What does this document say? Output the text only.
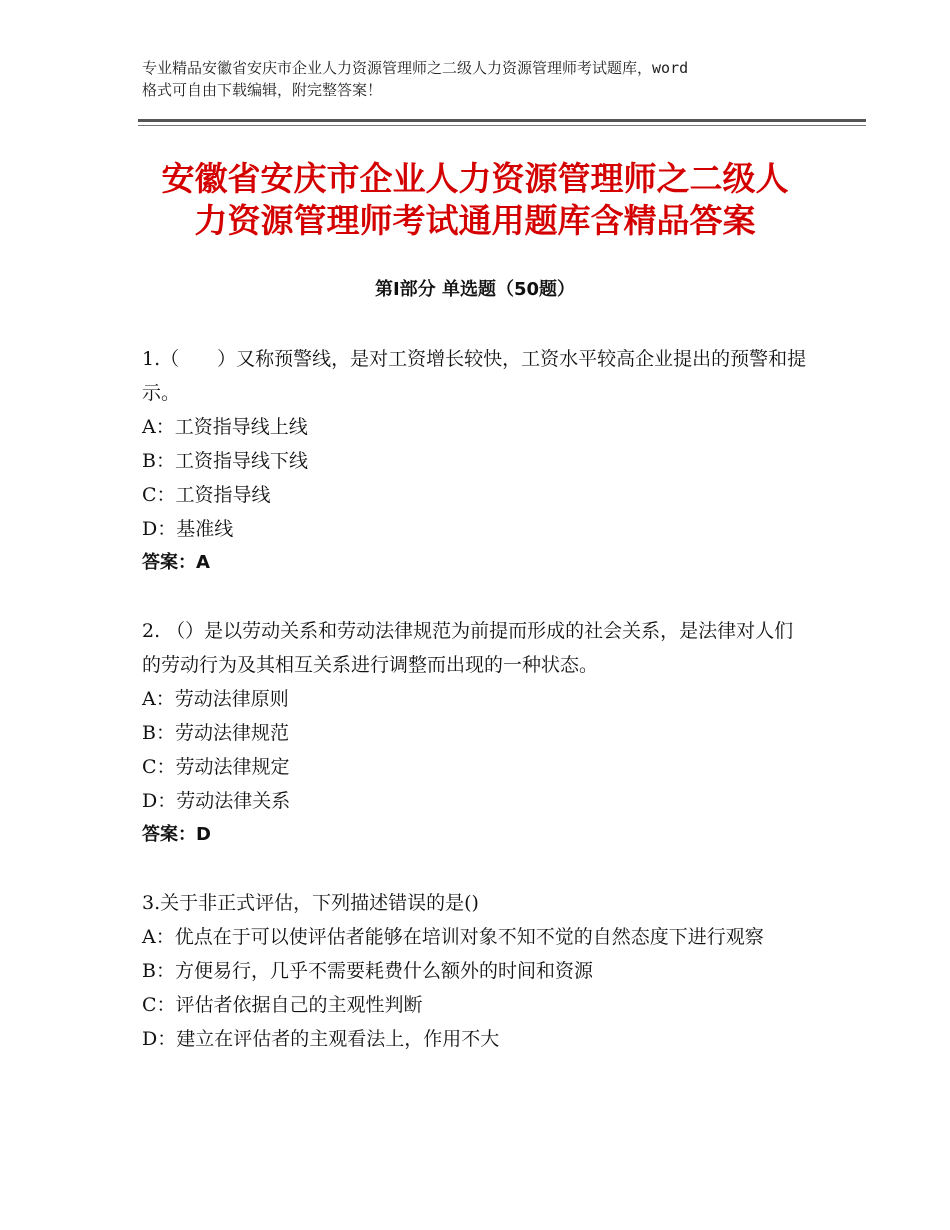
专业精品安徽省安庆市企业人力资源管理师之二级人力资源管理师考试题库，word
格式可自由下载编辑，附完整答案！
安徽省安庆市企业人力资源管理师之二级人
力资源管理师考试通用题库含精品答案
第Ⅰ部分 单选题（50题）

1.（　　）又称预警线，是对工资增长较快，工资水平较高企业提出的预警和提示。

A：工资指导线上线

B：工资指导线下线

C：工资指导线

D：基准线

答案：A

2. （）是以劳动关系和劳动法律规范为前提而形成的社会关系，是法律对人们的劳动行为及其相互关系进行调整而出现的一种状态。

A：劳动法律原则

B：劳动法律规范

C：劳动法律规定

D：劳动法律关系

答案：D

3.关于非正式评估，下列描述错误的是()

A：优点在于可以使评估者能够在培训对象不知不觉的自然态度下进行观察

B：方便易行，几乎不需要耗费什么额外的时间和资源

C：评估者依据自己的主观性判断

D：建立在评估者的主观看法上，作用不大
